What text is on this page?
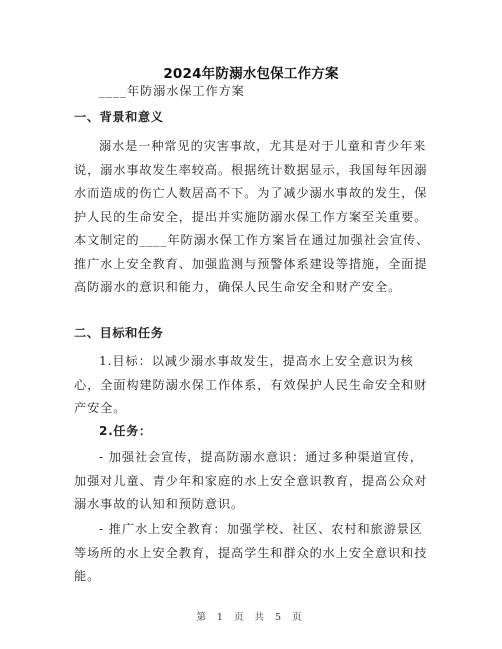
2024年防溺水包保工作方案
____年防溺水保工作方案
一、背景和意义
溺水是一种常见的灾害事故，尤其是对于儿童和青少年来说，溺水事故发生率较高。根据统计数据显示，我国每年因溺水而造成的伤亡人数居高不下。为了减少溺水事故的发生，保护人民的生命安全，提出并实施防溺水保工作方案至关重要。本文制定的____年防溺水保工作方案旨在通过加强社会宣传、推广水上安全教育、加强监测与预警体系建设等措施，全面提高防溺水的意识和能力，确保人民生命安全和财产安全。
二、目标和任务
1.目标：以减少溺水事故发生，提高水上安全意识为核心，全面构建防溺水保工作体系，有效保护人民生命安全和财产安全。
2.任务：
- 加强社会宣传，提高防溺水意识：通过多种渠道宣传，加强对儿童、青少年和家庭的水上安全意识教育，提高公众对溺水事故的认知和预防意识。
- 推广水上安全教育：加强学校、社区、农村和旅游景区等场所的水上安全教育，提高学生和群众的水上安全意识和技能。
第 1 页 共 5 页
